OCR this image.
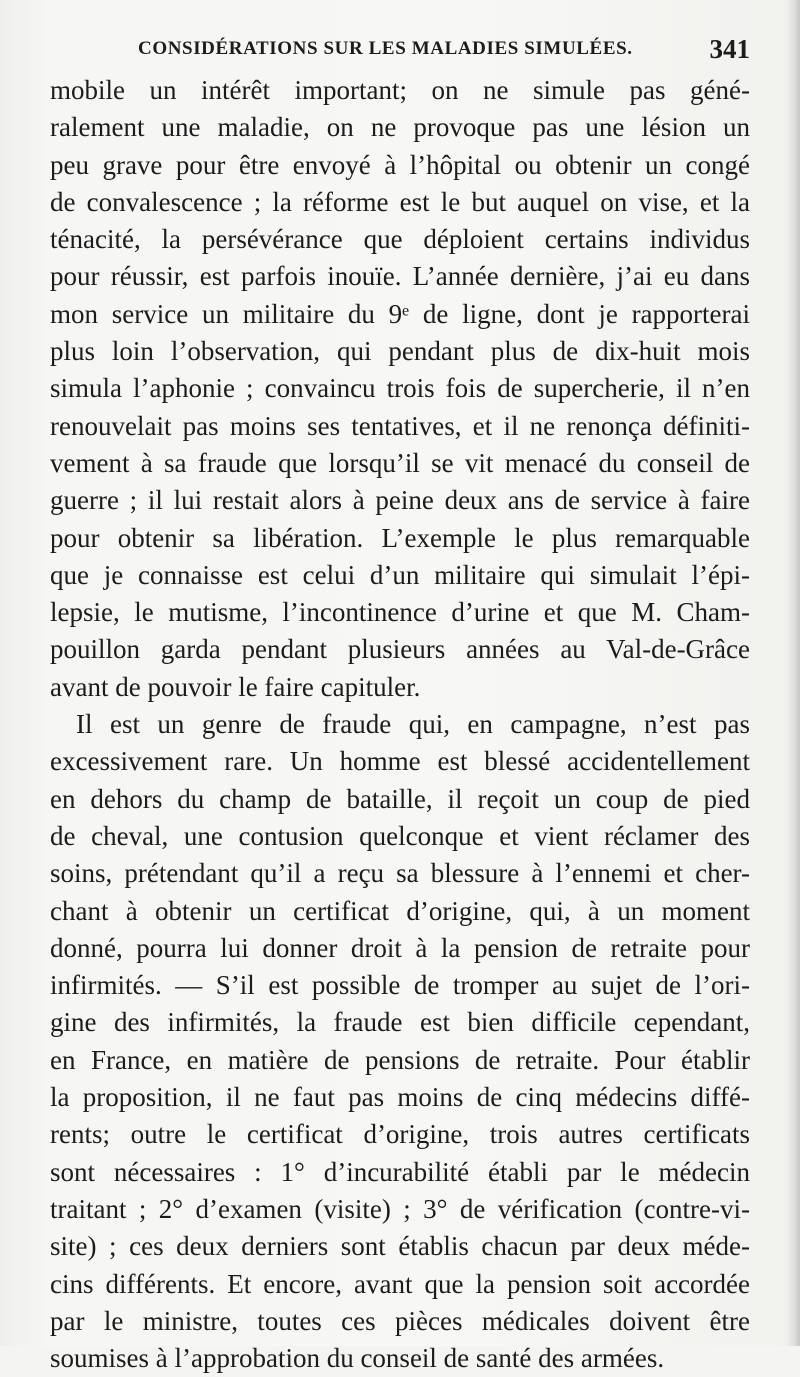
CONSIDÉRATIONS SUR LES MALADIES SIMULÉES.	341
mobile un intérêt important; on ne simule pas géné-
ralement une maladie, on ne provoque pas une lésion un
peu grave pour être envoyé à l’hôpital ou obtenir un congé
de convalescence ; la réforme est le but auquel on vise, et la
ténacité, la persévérance que déploient certains individus
pour réussir, est parfois inouïe. L’année dernière, j’ai eu dans
mon service un militaire du 9ᵉ de ligne, dont je rapporterai
plus loin l’observation, qui pendant plus de dix-huit mois
simula l’aphonie ; convaincu trois fois de supercherie, il n’en
renouvelait pas moins ses tentatives, et il ne renonça définiti-
vement à sa fraude que lorsqu’il se vit menacé du conseil de
guerre ; il lui restait alors à peine deux ans de service à faire
pour obtenir sa libération. L’exemple le plus remarquable
que je connaisse est celui d’un militaire qui simulait l’épi-
lepsie, le mutisme, l’incontinence d’urine et que M. Cham-
pouillon garda pendant plusieurs années au Val-de-Grâce
avant de pouvoir le faire capituler.
Il est un genre de fraude qui, en campagne, n’est pas
excessivement rare. Un homme est blessé accidentellement
en dehors du champ de bataille, il reçoit un coup de pied
de cheval, une contusion quelconque et vient réclamer des
soins, prétendant qu’il a reçu sa blessure à l’ennemi et cher-
chant à obtenir un certificat d’origine, qui, à un moment
donné, pourra lui donner droit à la pension de retraite pour
infirmités. — S’il est possible de tromper au sujet de l’ori-
gine des infirmités, la fraude est bien difficile cependant,
en France, en matière de pensions de retraite. Pour établir
la proposition, il ne faut pas moins de cinq médecins diffé-
rents; outre le certificat d’origine, trois autres certificats
sont nécessaires : 1° d’incurabilité établi par le médecin
traitant ; 2° d’examen (visite) ; 3° de vérification (contre-vi-
site) ; ces deux derniers sont établis chacun par deux méde-
cins différents. Et encore, avant que la pension soit accordée
par le ministre, toutes ces pièces médicales doivent être
soumises à l’approbation du conseil de santé des armées.
